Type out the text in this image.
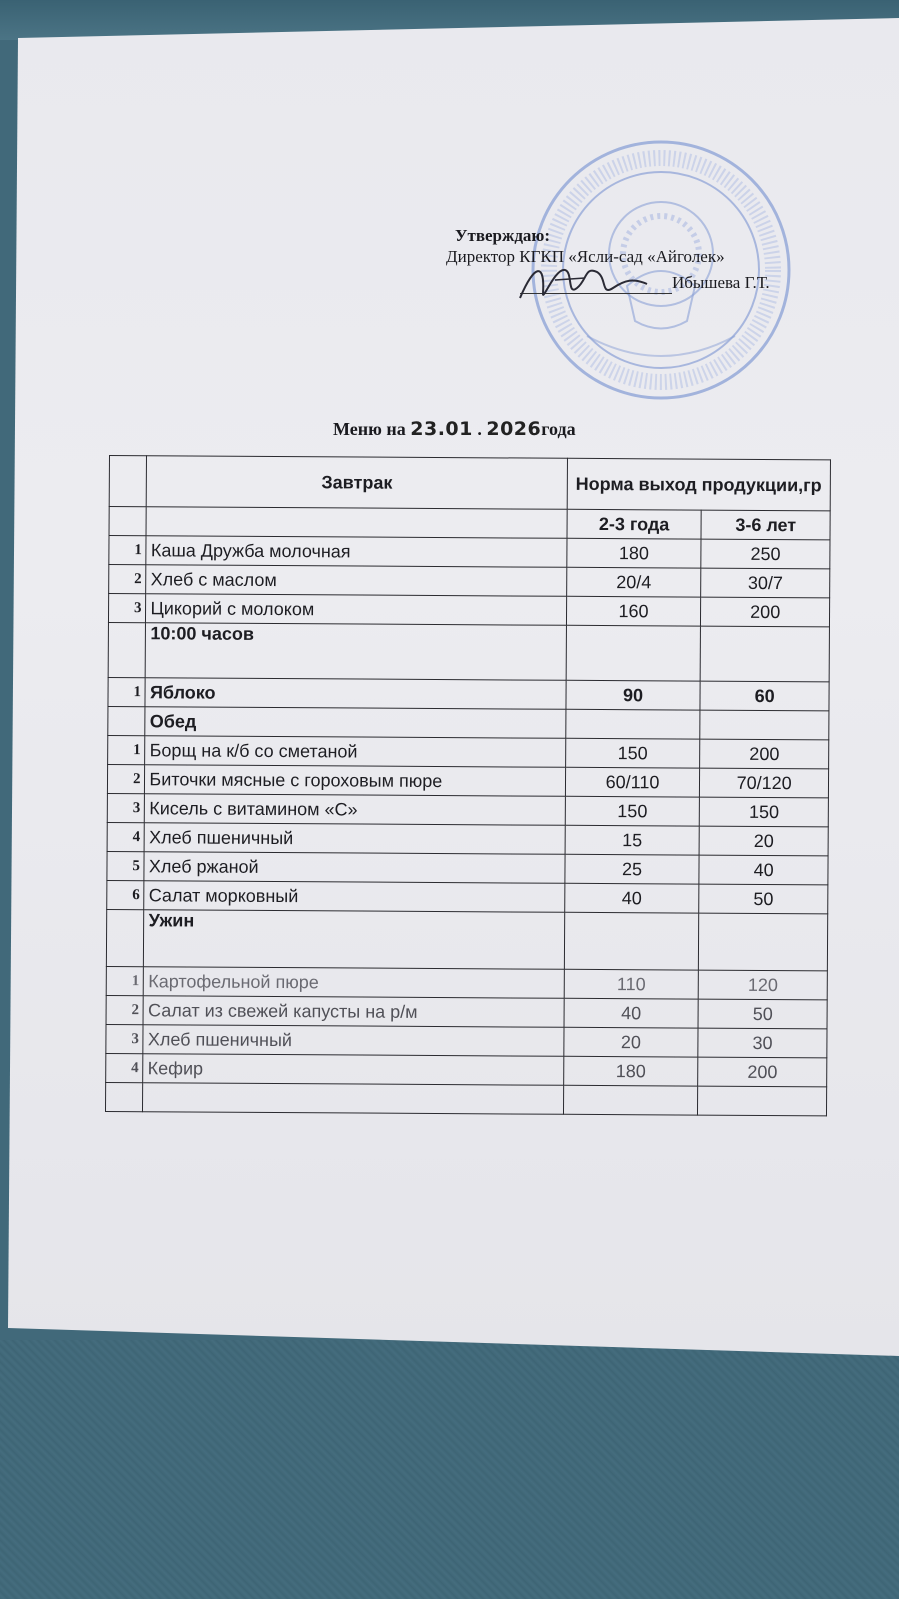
Утверждаю:
Директор КГКП «Ясли-сад «Айголек»
Ибышева Г.Т.
Меню на 23.01 . 2026года
	Завтрак	Норма выход продукции,гр	
		2-3 года	3-6 лет
1	Каша Дружба молочная	180	250
2	Хлеб с маслом	20/4	30/7
3	Цикорий с молоком	160	200
	10:00 часов		
1	Яблоко	90	60
	Обед		
1	Борщ на к/б со сметаной	150	200
2	Биточки мясные с гороховым пюре	60/110	70/120
3	Кисель с витамином «С»	150	150
4	Хлеб пшеничный	15	20
5	Хлеб ржаной	25	40
6	Салат морковный	40	50
	Ужин		
1	Картофельной пюре	110	120
2	Салат из свежей капусты на р/м	40	50
3	Хлеб пшеничный	20	30
4	Кефир	180	200
